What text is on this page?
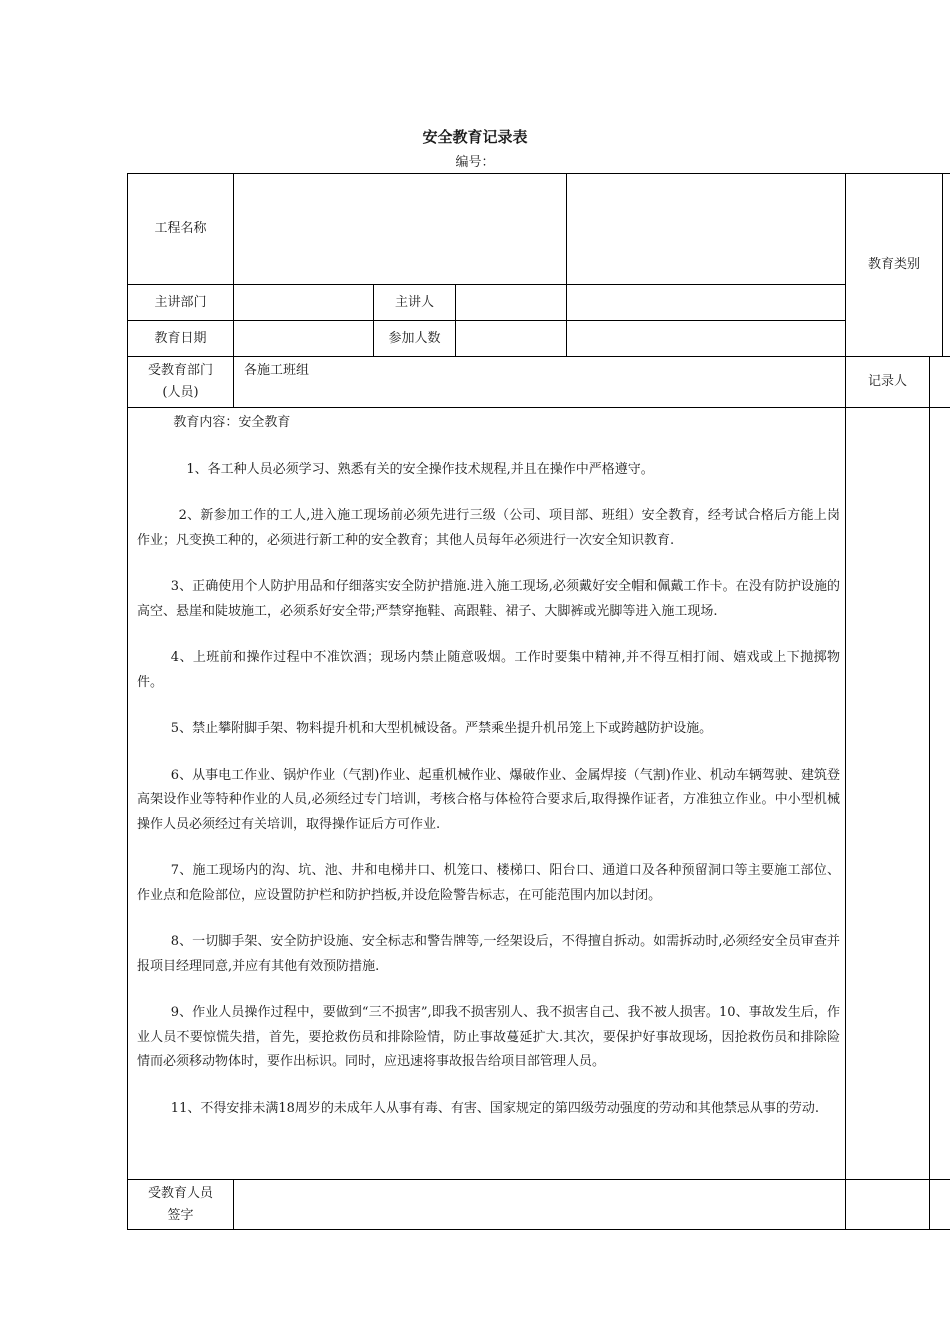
安全教育记录表
编号：
工程名称
教育类别
主讲部门	主讲人
教育日期	参加人数
受教育部门
(人员)
各施工班组
记录人

教育内容：安全教育

1、各工种人员必须学习、熟悉有关的安全操作技术规程,并且在操作中严格遵守。

2、新参加工作的工人,进入施工现场前必须先进行三级（公司、项目部、班组）安全教育，经考试合格后方能上岗作业；凡变换工种的，必须进行新工种的安全教育；其他人员每年必须进行一次安全知识教育.

3、正确使用个人防护用品和仔细落实安全防护措施.进入施工现场,必须戴好安全帽和佩戴工作卡。在没有防护设施的高空、悬崖和陡坡施工，必须系好安全带;严禁穿拖鞋、高跟鞋、裙子、大脚裤或光脚等进入施工现场.

4、上班前和操作过程中不准饮酒；现场内禁止随意吸烟。工作时要集中精神,并不得互相打闹、嬉戏或上下抛掷物件。

5、禁止攀附脚手架、物料提升机和大型机械设备。严禁乘坐提升机吊笼上下或跨越防护设施。

6、从事电工作业、锅炉作业（气割)作业、起重机械作业、爆破作业、金属焊接（气割)作业、机动车辆驾驶、建筑登高架设作业等特种作业的人员,必须经过专门培训，考核合格与体检符合要求后,取得操作证者，方准独立作业。中小型机械操作人员必须经过有关培训，取得操作证后方可作业.

7、施工现场内的沟、坑、池、井和电梯井口、机笼口、楼梯口、阳台口、通道口及各种预留洞口等主要施工部位、作业点和危险部位，应设置防护栏和防护挡板,并设危险警告标志，在可能范围内加以封闭。

8、一切脚手架、安全防护设施、安全标志和警告牌等,一经架设后，不得擅自拆动。如需拆动时,必须经安全员审查并报项目经理同意,并应有其他有效预防措施.

9、作业人员操作过程中，要做到“三不损害”,即我不损害别人、我不损害自己、我不被人损害。10、事故发生后，作业人员不要惊慌失措，首先，要抢救伤员和排除险情，防止事故蔓延扩大.其次，要保护好事故现场，因抢救伤员和排除险情而必须移动物体时，要作出标识。同时，应迅速将事故报告给项目部管理人员。

11、不得安排未满18周岁的未成年人从事有毒、有害、国家规定的第四级劳动强度的劳动和其他禁忌从事的劳动.

受教育人员
签字
